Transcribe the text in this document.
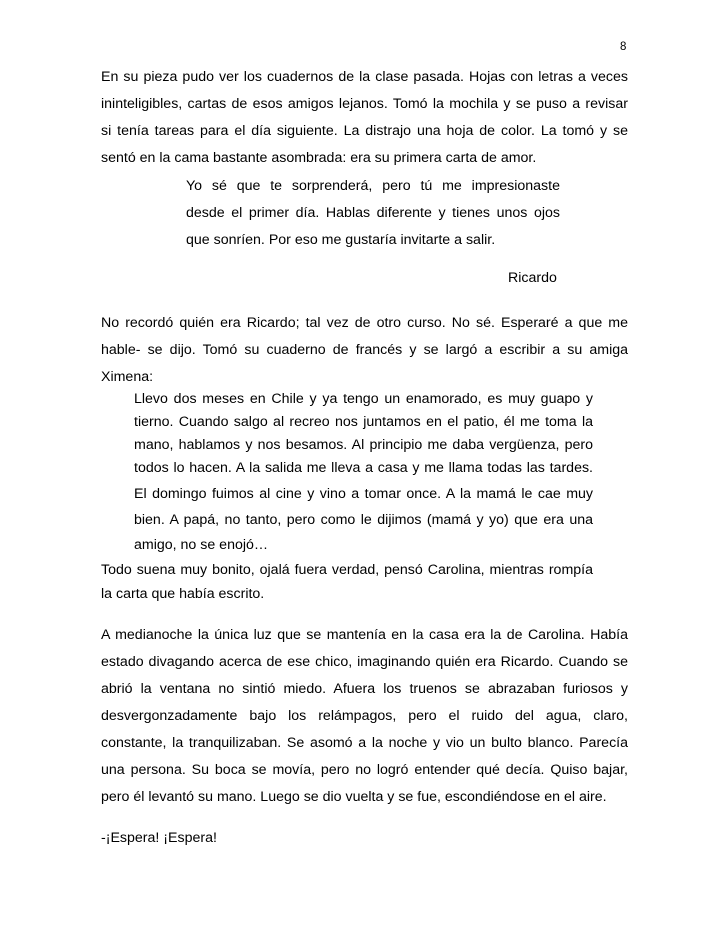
8
En su pieza pudo ver los cuadernos de la clase pasada. Hojas con letras a veces
ininteligibles, cartas de esos amigos lejanos. Tomó la mochila y se puso a revisar
si tenía tareas para el día siguiente. La distrajo una hoja de color. La tomó y se
sentó en la cama bastante asombrada: era su primera carta de amor.
Yo sé que te sorprenderá, pero tú me impresionaste
desde el primer día. Hablas diferente y tienes unos ojos
que sonríen. Por eso me gustaría invitarte a salir.
Ricardo
No recordó quién era Ricardo; tal vez de otro curso. No sé. Esperaré a que me
hable- se dijo. Tomó su cuaderno de francés y se largó a escribir a su amiga
Ximena:
Llevo dos meses en Chile y ya tengo un enamorado, es muy guapo y
tierno. Cuando salgo al recreo nos juntamos en el patio, él me toma la
mano, hablamos y nos besamos. Al principio me daba vergüenza, pero
todos lo hacen. A la salida me lleva a casa y me llama todas las tardes.
El domingo fuimos al cine y vino a tomar once. A la mamá le cae muy
bien. A papá, no tanto, pero como le dijimos (mamá y yo) que era una
amigo, no se enojó…
Todo suena muy bonito, ojalá fuera verdad, pensó Carolina, mientras rompía
la carta que había escrito.
A medianoche la única luz que se mantenía en la casa era la de Carolina. Había
estado divagando acerca de ese chico, imaginando quién era Ricardo. Cuando se
abrió la ventana no sintió miedo. Afuera los truenos se abrazaban furiosos y
desvergonzadamente bajo los relámpagos, pero el ruido del agua, claro,
constante, la tranquilizaban. Se asomó a la noche y vio un bulto blanco. Parecía
una persona. Su boca se movía, pero no logró entender qué decía. Quiso bajar,
pero él levantó su mano. Luego se dio vuelta y se fue, escondiéndose en el aire.
-¡Espera! ¡Espera!
